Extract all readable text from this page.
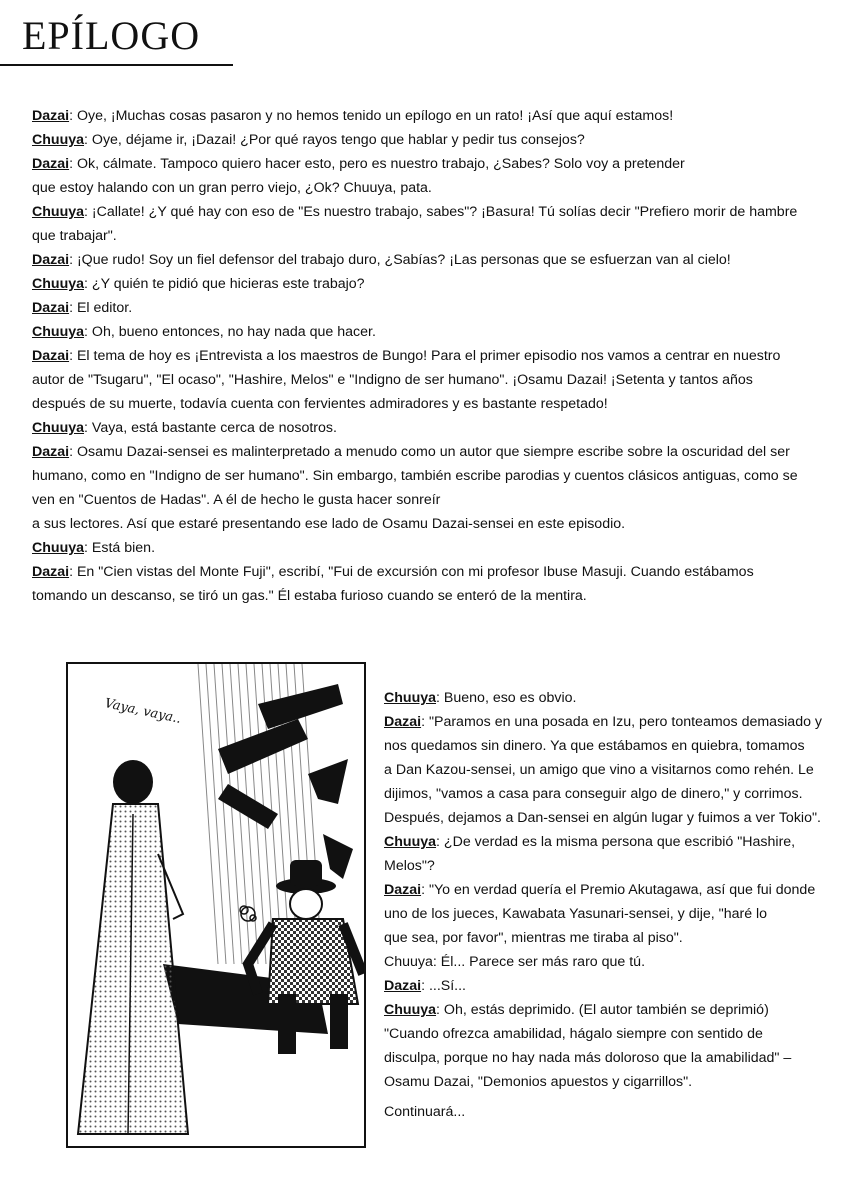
EPÍLOGO
Dazai: Oye, ¡Muchas cosas pasaron y no hemos tenido un epílogo en un rato! ¡Así que aquí estamos!
Chuuya: Oye, déjame ir, ¡Dazai! ¿Por qué rayos tengo que hablar y pedir tus consejos?
Dazai: Ok, cálmate. Tampoco quiero hacer esto, pero es nuestro trabajo, ¿Sabes? Solo voy a pretender
que estoy halando con un gran perro viejo, ¿Ok? Chuuya, pata.
Chuuya: ¡Callate! ¿Y qué hay con eso de "Es nuestro trabajo, sabes"? ¡Basura! Tú solías decir "Prefiero morir de hambre
que trabajar".
Dazai: ¡Que rudo! Soy un fiel defensor del trabajo duro, ¿Sabías? ¡Las personas que se esfuerzan van al cielo!
Chuuya: ¿Y quién te pidió que hicieras este trabajo?
Dazai: El editor.
Chuuya: Oh, bueno entonces, no hay nada que hacer.
Dazai: El tema de hoy es ¡Entrevista a los maestros de Bungo! Para el primer episodio nos vamos a centrar en nuestro
autor de "Tsugaru", "El ocaso", "Hashire, Melos" e "Indigno de ser humano". ¡Osamu Dazai! ¡Setenta y tantos años
después de su muerte, todavía cuenta con fervientes admiradores y es bastante respetado!
Chuuya: Vaya, está bastante cerca de nosotros.
Dazai: Osamu Dazai-sensei es malinterpretado a menudo como un autor que siempre escribe sobre la oscuridad del ser
humano, como en "Indigno de ser humano". Sin embargo, también escribe parodias y cuentos clásicos antiguas, como se
ven en "Cuentos de Hadas". A él de hecho le gusta hacer sonreír
a sus lectores. Así que estaré presentando ese lado de Osamu Dazai-sensei en este episodio.
Chuuya: Está bien.
Dazai: En "Cien vistas del Monte Fuji", escribí, "Fui de excursión con mi profesor Ibuse Masuji. Cuando estábamos
tomando un descanso, se tiró un gas." Él estaba furioso cuando se enteró de la mentira.
Vaya, vaya..	Chuuya: Bueno, eso es obvio.
Dazai: "Paramos en una posada en Izu, pero tonteamos demasiado y
nos quedamos sin dinero. Ya que estábamos en quiebra, tomamos
a Dan Kazou-sensei, un amigo que vino a visitarnos como rehén. Le
dijimos, "vamos a casa para conseguir algo de dinero," y corrimos.
Después, dejamos a Dan-sensei en algún lugar y fuimos a ver Tokio".
Chuuya: ¿De verdad es la misma persona que escribió "Hashire,
Melos"?
Dazai: "Yo en verdad quería el Premio Akutagawa, así que fui donde
uno de los jueces, Kawabata Yasunari-sensei, y dije, "haré lo
que sea, por favor", mientras me tiraba al piso".
Chuuya: Él... Parece ser más raro que tú.
Dazai: ...Sí...
Chuuya: Oh, estás deprimido. (El autor también se deprimió)
"Cuando ofrezca amabilidad, hágalo siempre con sentido de
disculpa, porque no hay nada más doloroso que la amabilidad" –
Osamu Dazai, "Demonios apuestos y cigarrillos".
Continuará...
